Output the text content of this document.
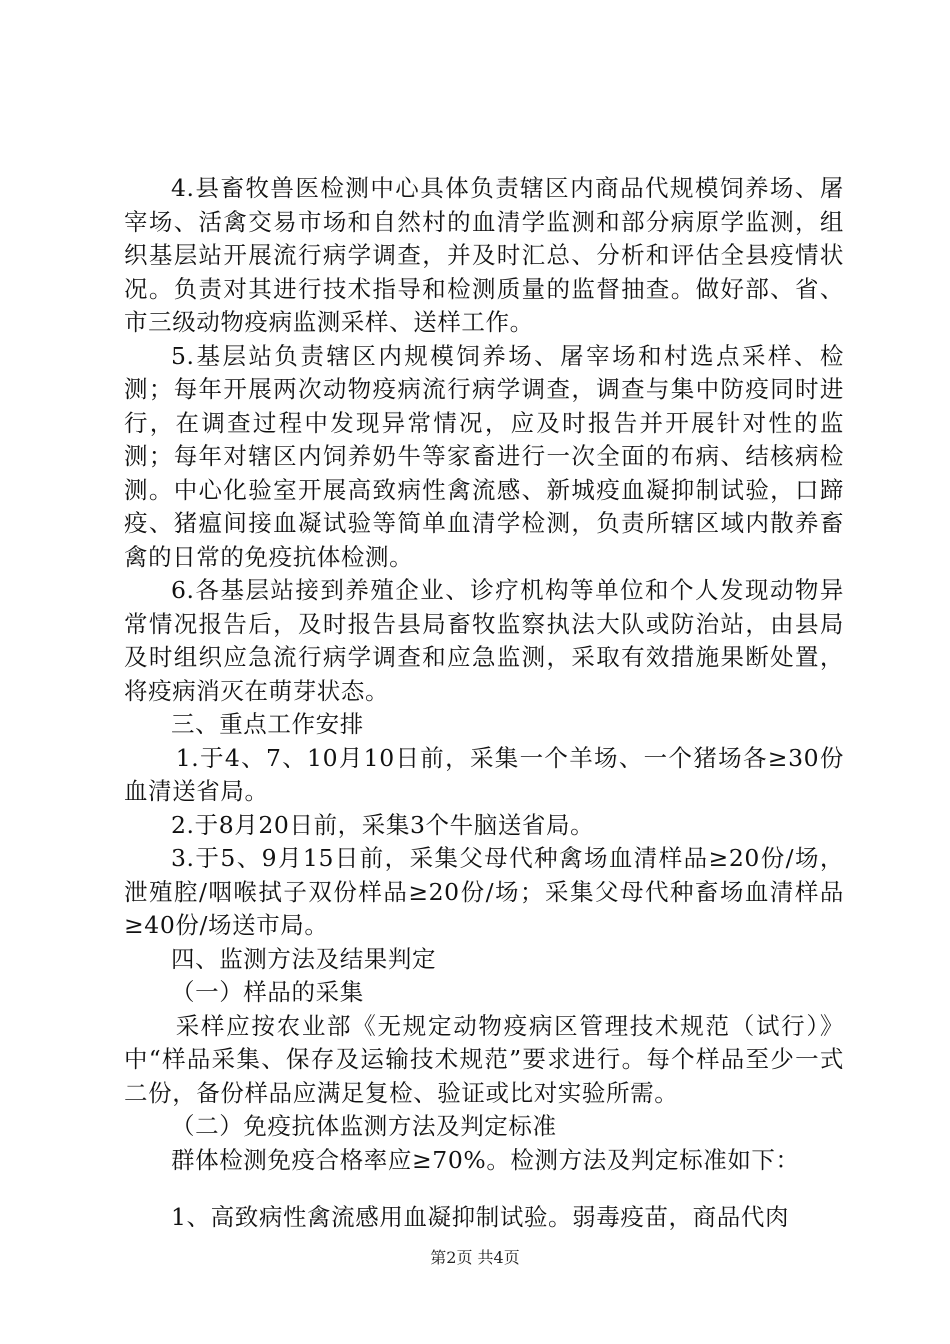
4.县畜牧兽医检测中心具体负责辖区内商品代规模饲养场、屠宰场、活禽交易市场和自然村的血清学监测和部分病原学监测，组织基层站开展流行病学调查，并及时汇总、分析和评估全县疫情状况。负责对其进行技术指导和检测质量的监督抽查。做好部、省、市三级动物疫病监测采样、送样工作。

5.基层站负责辖区内规模饲养场、屠宰场和村选点采样、检测；每年开展两次动物疫病流行病学调查，调查与集中防疫同时进行，在调查过程中发现异常情况，应及时报告并开展针对性的监测；每年对辖区内饲养奶牛等家畜进行一次全面的布病、结核病检测。中心化验室开展高致病性禽流感、新城疫血凝抑制试验，口蹄疫、猪瘟间接血凝试验等简单血清学检测，负责所辖区域内散养畜禽的日常的免疫抗体检测。

6.各基层站接到养殖企业、诊疗机构等单位和个人发现动物异常情况报告后，及时报告县局畜牧监察执法大队或防治站，由县局及时组织应急流行病学调查和应急监测，采取有效措施果断处置，将疫病消灭在萌芽状态。

三、重点工作安排

1.于4、7、10月10日前，采集一个羊场、一个猪场各≥30份血清送省局。

2.于8月20日前，采集3个牛脑送省局。

3.于5、9月15日前，采集父母代种禽场血清样品≥20份/场，泄殖腔/咽喉拭子双份样品≥20份/场；采集父母代种畜场血清样品≥40份/场送市局。

四、监测方法及结果判定

（一）样品的采集

采样应按农业部《无规定动物疫病区管理技术规范（试行）》中“样品采集、保存及运输技术规范”要求进行。每个样品至少一式二份，备份样品应满足复检、验证或比对实验所需。

（二）免疫抗体监测方法及判定标准

群体检测免疫合格率应≥70%。检测方法及判定标准如下：

1、高致病性禽流感用血凝抑制试验。弱毒疫苗，商品代肉

第2页 共4页
